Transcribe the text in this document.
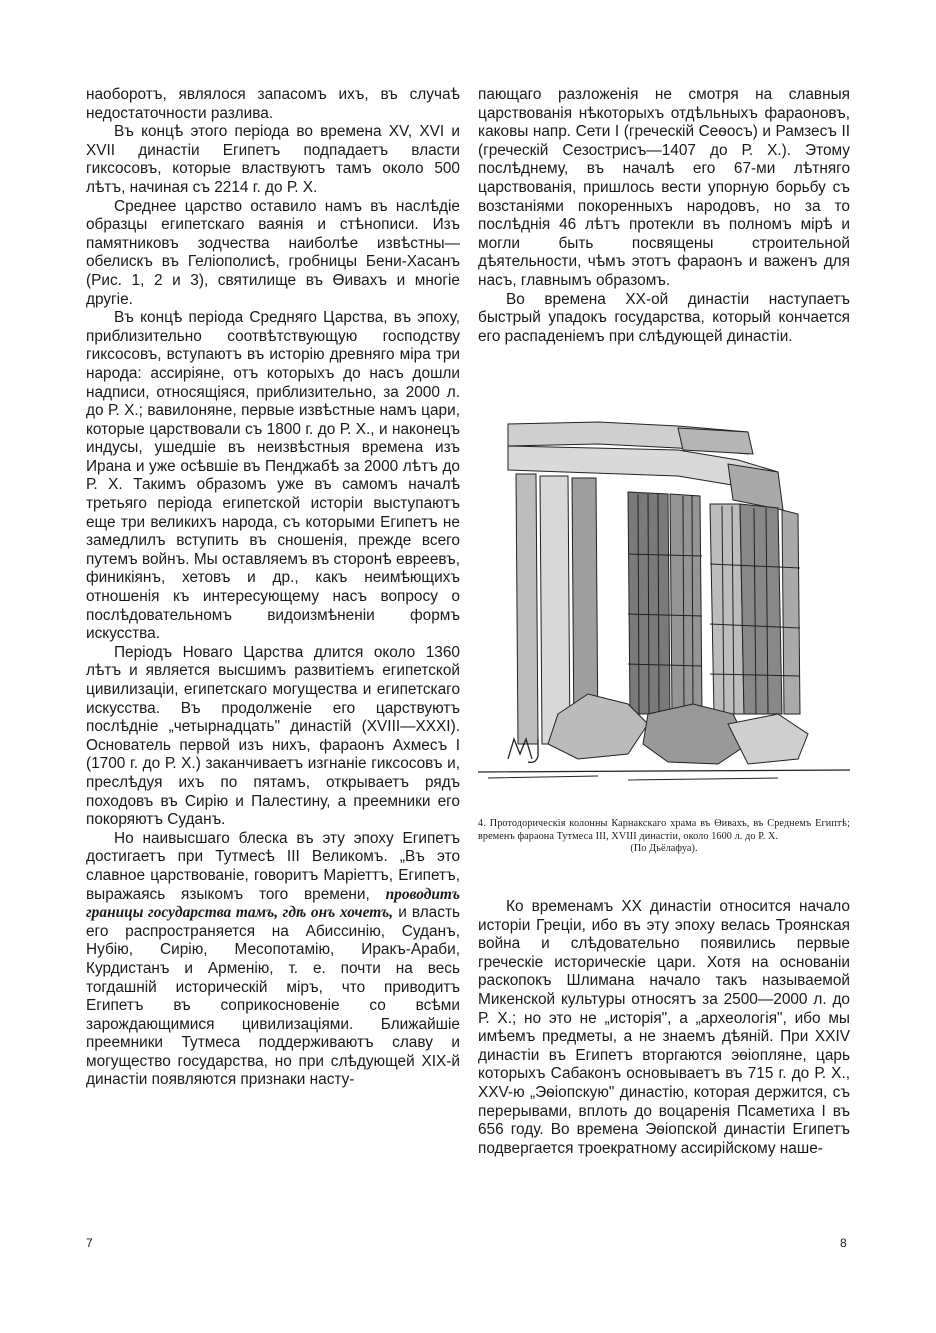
наоборотъ, являлося запасомъ ихъ, въ случаѣ недостаточности разлива.

Въ концѣ этого періода во времена XV, XVI и XVII династіи Египетъ подпадаетъ власти гиксосовъ, которые властвуютъ тамъ около 500 лѣтъ, начиная съ 2214 г. до Р. Х.

Среднее царство оставило намъ въ наслѣдіе образцы египетскаго ваянія и стѣнописи. Изъ памятниковъ зодчества наиболѣе извѣстны—обелискъ въ Геліополисѣ, гробницы Бени-Хасанъ (Рис. 1, 2 и 3), святилище въ Өивахъ и многіе другіе.

Въ концѣ періода Средняго Царства, въ эпоху, приблизительно соотвѣтствующую господству гиксосовъ, вступаютъ въ исторію древняго міра три народа: ассиріяне, отъ которыхъ до насъ дошли надписи, относящіяся, приблизительно, за 2000 л. до Р. Х.; вавилоняне, первые извѣстные намъ цари, которые царствовали съ 1800 г. до Р. Х., и наконецъ индусы, ушедшіе въ неизвѣстныя времена изъ Ирана и уже осѣвшіе въ Пенджабѣ за 2000 лѣтъ до Р. Х. Такимъ образомъ уже въ самомъ началѣ третьяго періода египетской исторіи выступаютъ еще три великихъ народа, съ которыми Египетъ не замедлилъ вступить въ сношенія, прежде всего путемъ войнъ. Мы оставляемъ въ сторонѣ евреевъ, финикіянъ, хетовъ и др., какъ неимѣющихъ отношенія къ интересующему насъ вопросу о послѣдовательномъ видоизмѣненіи формъ искусства.

Періодъ Новаго Царства длится около 1360 лѣтъ и является высшимъ развитіемъ египетской цивилизаціи, египетскаго могущества и египетскаго искусства. Въ продолженіе его царствуютъ послѣдніе „четырнадцать" династій (XVIII—XXXI). Основатель первой изъ нихъ, фараонъ Ахмесъ I (1700 г. до Р. Х.) заканчиваетъ изгнаніе гиксосовъ и, преслѣдуя ихъ по пятамъ, открываетъ рядъ походовъ въ Сирію и Палестину, а преемники его покоряютъ Суданъ.

Но наивысшаго блеска въ эту эпоху Египетъ достигаетъ при Тутмесѣ III Великомъ. „Въ это славное царствованіе, говоритъ Маріеттъ, Египетъ, выражаясь языкомъ того времени, проводитъ границы государства тамъ, гдѣ онъ хочетъ, и власть его распространяется на Абиссинію, Суданъ, Нубію, Сирію, Месопотамію, Иракъ-Араби, Курдистанъ и Арменію, т. е. почти на весь тогдашній историческій міръ, что приводитъ Египетъ въ соприкосновеніе со всѣми зарождающимися цивилизаціями. Ближайшіе преемники Тутмеса поддерживаютъ славу и могущество государства, но при слѣдующей XIX-й династіи появляются признаки насту-

пающаго разложенія не смотря на славныя царствованія нѣкоторыхъ отдѣльныхъ фараоновъ, каковы напр. Сети I (греческій Сеѳосъ) и Рамзесъ II (греческій Сезострисъ—1407 до Р. Х.). Этому послѣднему, въ началѣ его 67-ми лѣтняго царствованія, пришлось вести упорную борьбу съ возстаніями покоренныхъ народовъ, но за то послѣднія 46 лѣтъ протекли въ полномъ мірѣ и могли быть посвящены строительной дѣятельности, чѣмъ этотъ фараонъ и важенъ для насъ, главнымъ образомъ.

Во времена XX-ой династіи наступаетъ быстрый упадокъ государства, который кончается его распаденіемъ при слѣдующей династіи.

4. Протодорическія колонны Карнакскаго храма въ Өивахъ, въ Среднемъ Египтѣ; временъ фараона Тутмеса III, XVIII династіи, около 1600 л. до Р. Х.
(По Дьёлафуа).

Ко временамъ XX династіи относится начало исторіи Греціи, ибо въ эту эпоху велась Троянская война и слѣдовательно появились первые греческіе историческіе цари. Хотя на основаніи раскопокъ Шлимана начало такъ называемой Микенской культуры относятъ за 2500—2000 л. до Р. Х.; но это не „исторія", а „археологія", ибо мы имѣемъ предметы, а не знаемъ дѣяній. При XXIV династіи въ Египетъ вторгаются эѳіопляне, царь которыхъ Сабаконъ основываетъ въ 715 г. до Р. Х., XXV-ю „Эѳіопскую" династію, которая держится, съ перерывами, вплоть до воцаренія Псаметиха I въ 656 году. Во времена Эѳіопской династіи Египетъ подвергается троекратному ассирійскому наше-

7	8
